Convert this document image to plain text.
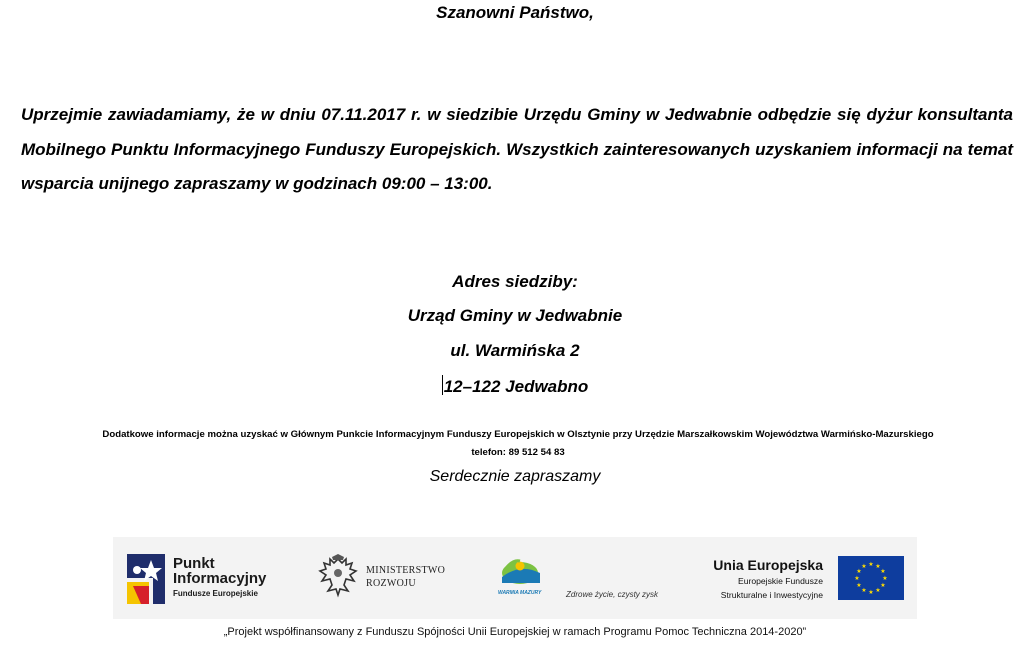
Szanowni Państwo,

Uprzejmie zawiadamiamy, że w dniu 07.11.2017 r. w siedzibie Urzędu Gminy w Jedwabnie odbędzie się dyżur konsultanta Mobilnego Punktu Informacyjnego Funduszy Europejskich. Wszystkich zainteresowanych uzyskaniem informacji na temat wsparcia unijnego zapraszamy w godzinach 09:00 – 13:00.

Adres siedziby:
Urząd Gminy w Jedwabnie
ul. Warmińska 2
12–122 Jedwabno
Dodatkowe informacje można uzyskać w Głównym Punkcie Informacyjnym Funduszy Europejskich w Olsztynie przy Urzędzie Marszałkowskim Województwa Warmińsko-Mazurskiego
telefon: 89 512 54 83
Serdecznie zapraszamy
Punkt
Informacyjny
Fundusze Europejskie
MINISTERSTWO
ROZWOJU
WARMIA MAZURY	Zdrowe życie, czysty zysk
Unia Europejska
Europejskie Fundusze
Strukturalne i Inwestycyjne
★ ★
★
★
★
★
★
★
★
★
★
★
„Projekt współfinansowany z Funduszu Spójności Unii Europejskiej w ramach Programu Pomoc Techniczna 2014-2020”
